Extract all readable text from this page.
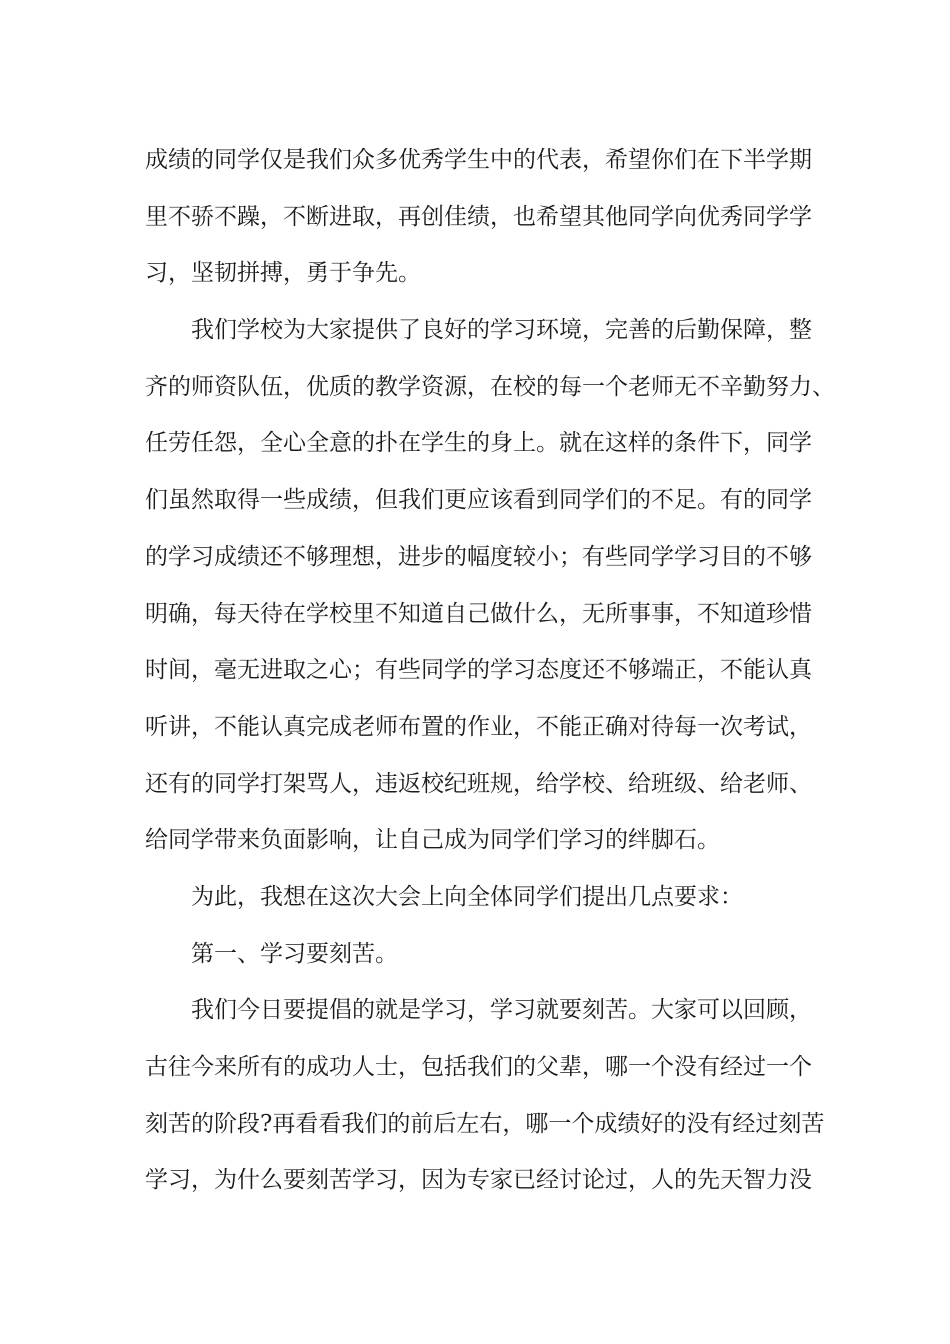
成绩的同学仅是我们众多优秀学生中的代表，希望你们在下半学期
里不骄不躁，不断进取，再创佳绩，也希望其他同学向优秀同学学
习，坚韧拼搏，勇于争先。

我们学校为大家提供了良好的学习环境，完善的后勤保障，整
齐的师资队伍，优质的教学资源，在校的每一个老师无不辛勤努力、
任劳任怨，全心全意的扑在学生的身上。就在这样的条件下，同学
们虽然取得一些成绩，但我们更应该看到同学们的不足。有的同学
的学习成绩还不够理想，进步的幅度较小；有些同学学习目的不够
明确，每天待在学校里不知道自己做什么，无所事事，不知道珍惜
时间，毫无进取之心；有些同学的学习态度还不够端正，不能认真
听讲，不能认真完成老师布置的作业，不能正确对待每一次考试，
还有的同学打架骂人，违返校纪班规，给学校、给班级、给老师、
给同学带来负面影响，让自己成为同学们学习的绊脚石。

为此，我想在这次大会上向全体同学们提出几点要求：

第一、学习要刻苦。

我们今日要提倡的就是学习，学习就要刻苦。大家可以回顾，
古往今来所有的成功人士，包括我们的父辈，哪一个没有经过一个
刻苦的阶段?再看看我们的前后左右，哪一个成绩好的没有经过刻苦
学习，为什么要刻苦学习，因为专家已经讨论过，人的先天智力没
